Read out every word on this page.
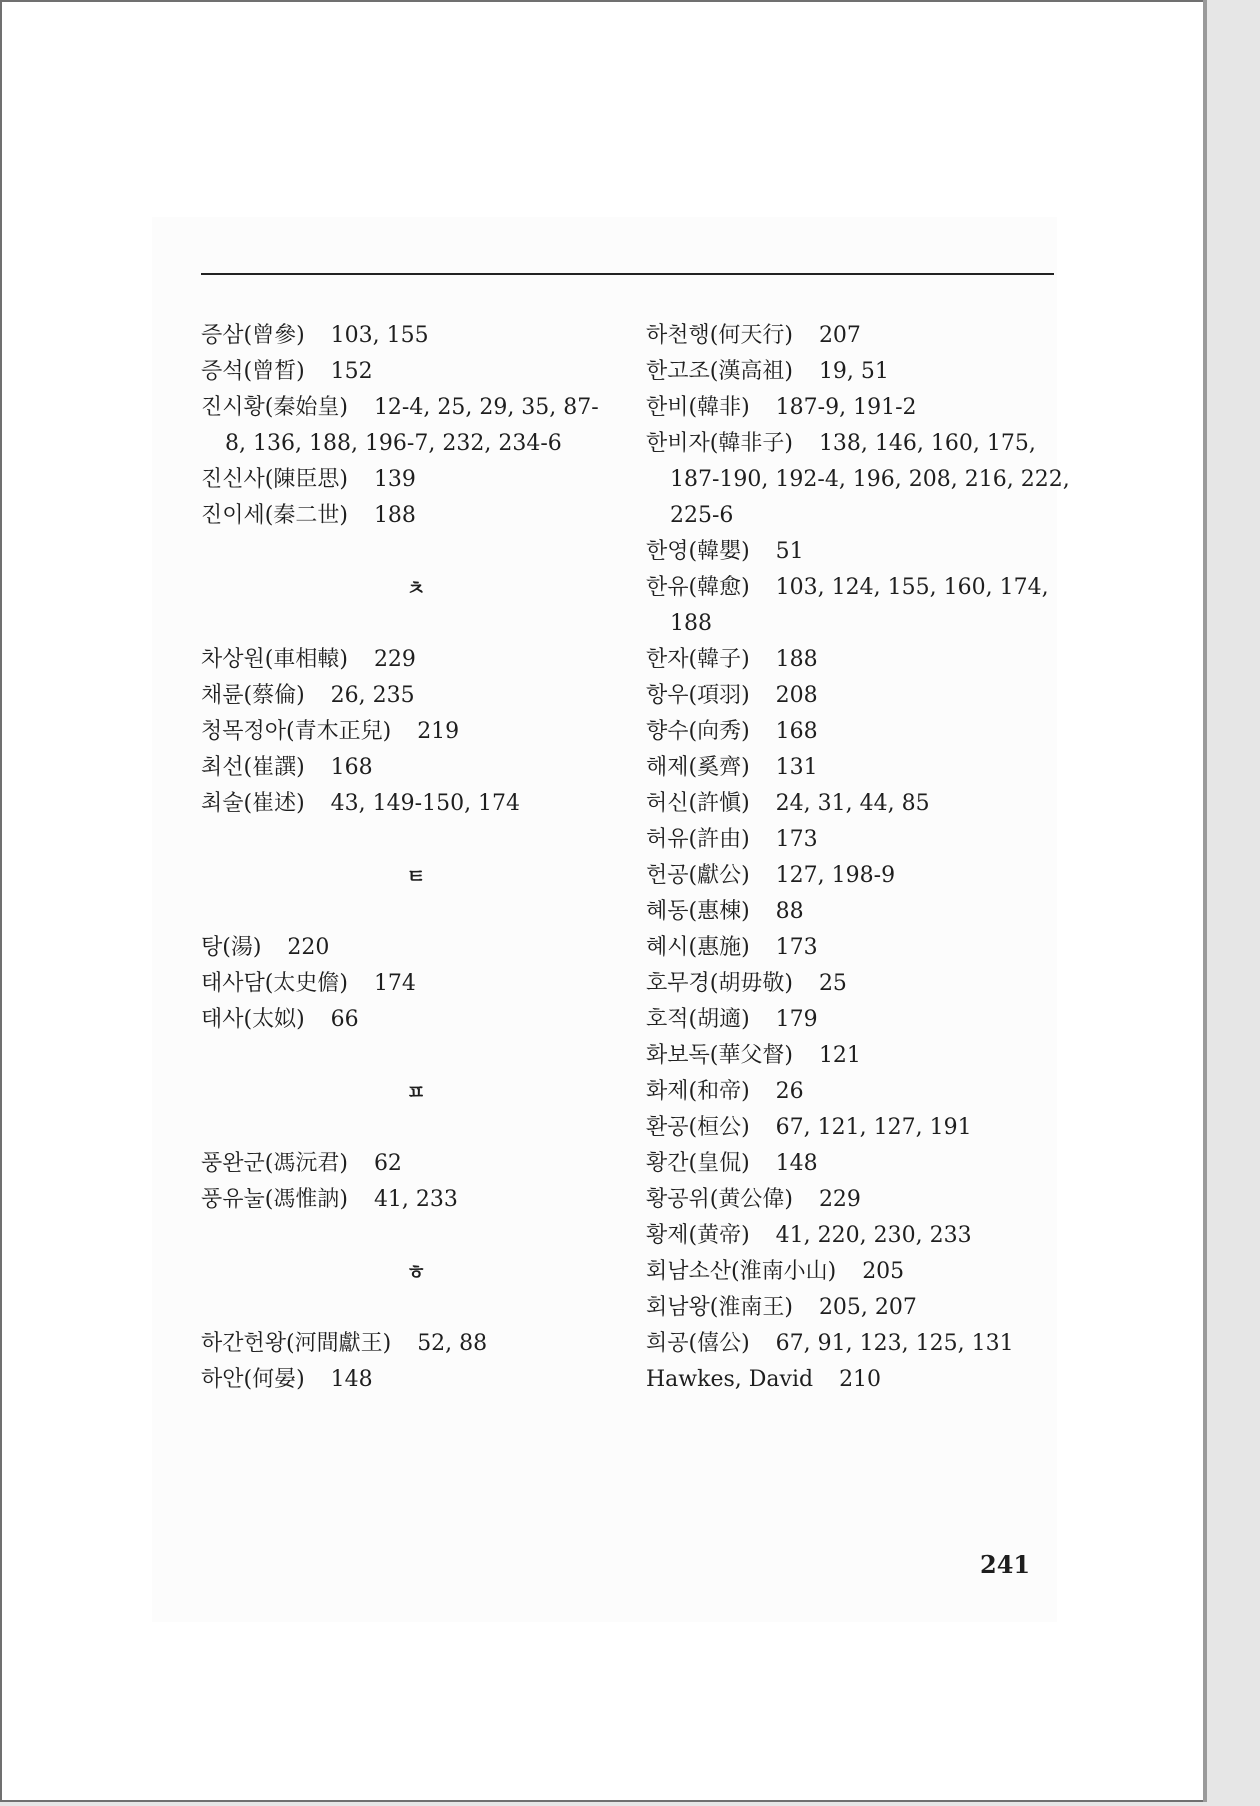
증삼(曾參) 103, 155
증석(曾晳) 152
진시황(秦始皇) 12-4, 25, 29, 35, 87-
8, 136, 188, 196-7, 232, 234-6
진신사(陳臣思) 139
진이세(秦二世) 188
ㅊ
차상원(車相轅) 229
채륜(蔡倫) 26, 235
청목정아(青木正兒) 219
최선(崔譔) 168
최술(崔述) 43, 149-150, 174
ㅌ
탕(湯) 220
태사담(太史儋) 174
태사(太姒) 66
ㅍ
풍완군(馮沅君) 62
풍유눌(馮惟訥) 41, 233
ㅎ
하간헌왕(河間獻王) 52, 88
하안(何晏) 148
하천행(何天行) 207
한고조(漢高祖) 19, 51
한비(韓非) 187-9, 191-2
한비자(韓非子) 138, 146, 160, 175,
187-190, 192-4, 196, 208, 216, 222,
225-6
한영(韓嬰) 51
한유(韓愈) 103, 124, 155, 160, 174,
188
한자(韓子) 188
항우(項羽) 208
향수(向秀) 168
해제(奚齊) 131
허신(許愼) 24, 31, 44, 85
허유(許由) 173
헌공(獻公) 127, 198-9
혜동(惠棟) 88
혜시(惠施) 173
호무경(胡毋敬) 25
호적(胡適) 179
화보독(華父督) 121
화제(和帝) 26
환공(桓公) 67, 121, 127, 191
황간(皇侃) 148
황공위(黄公偉) 229
황제(黄帝) 41, 220, 230, 233
회남소산(淮南小山) 205
회남왕(淮南王) 205, 207
희공(僖公) 67, 91, 123, 125, 131
Hawkes, David 210
241
